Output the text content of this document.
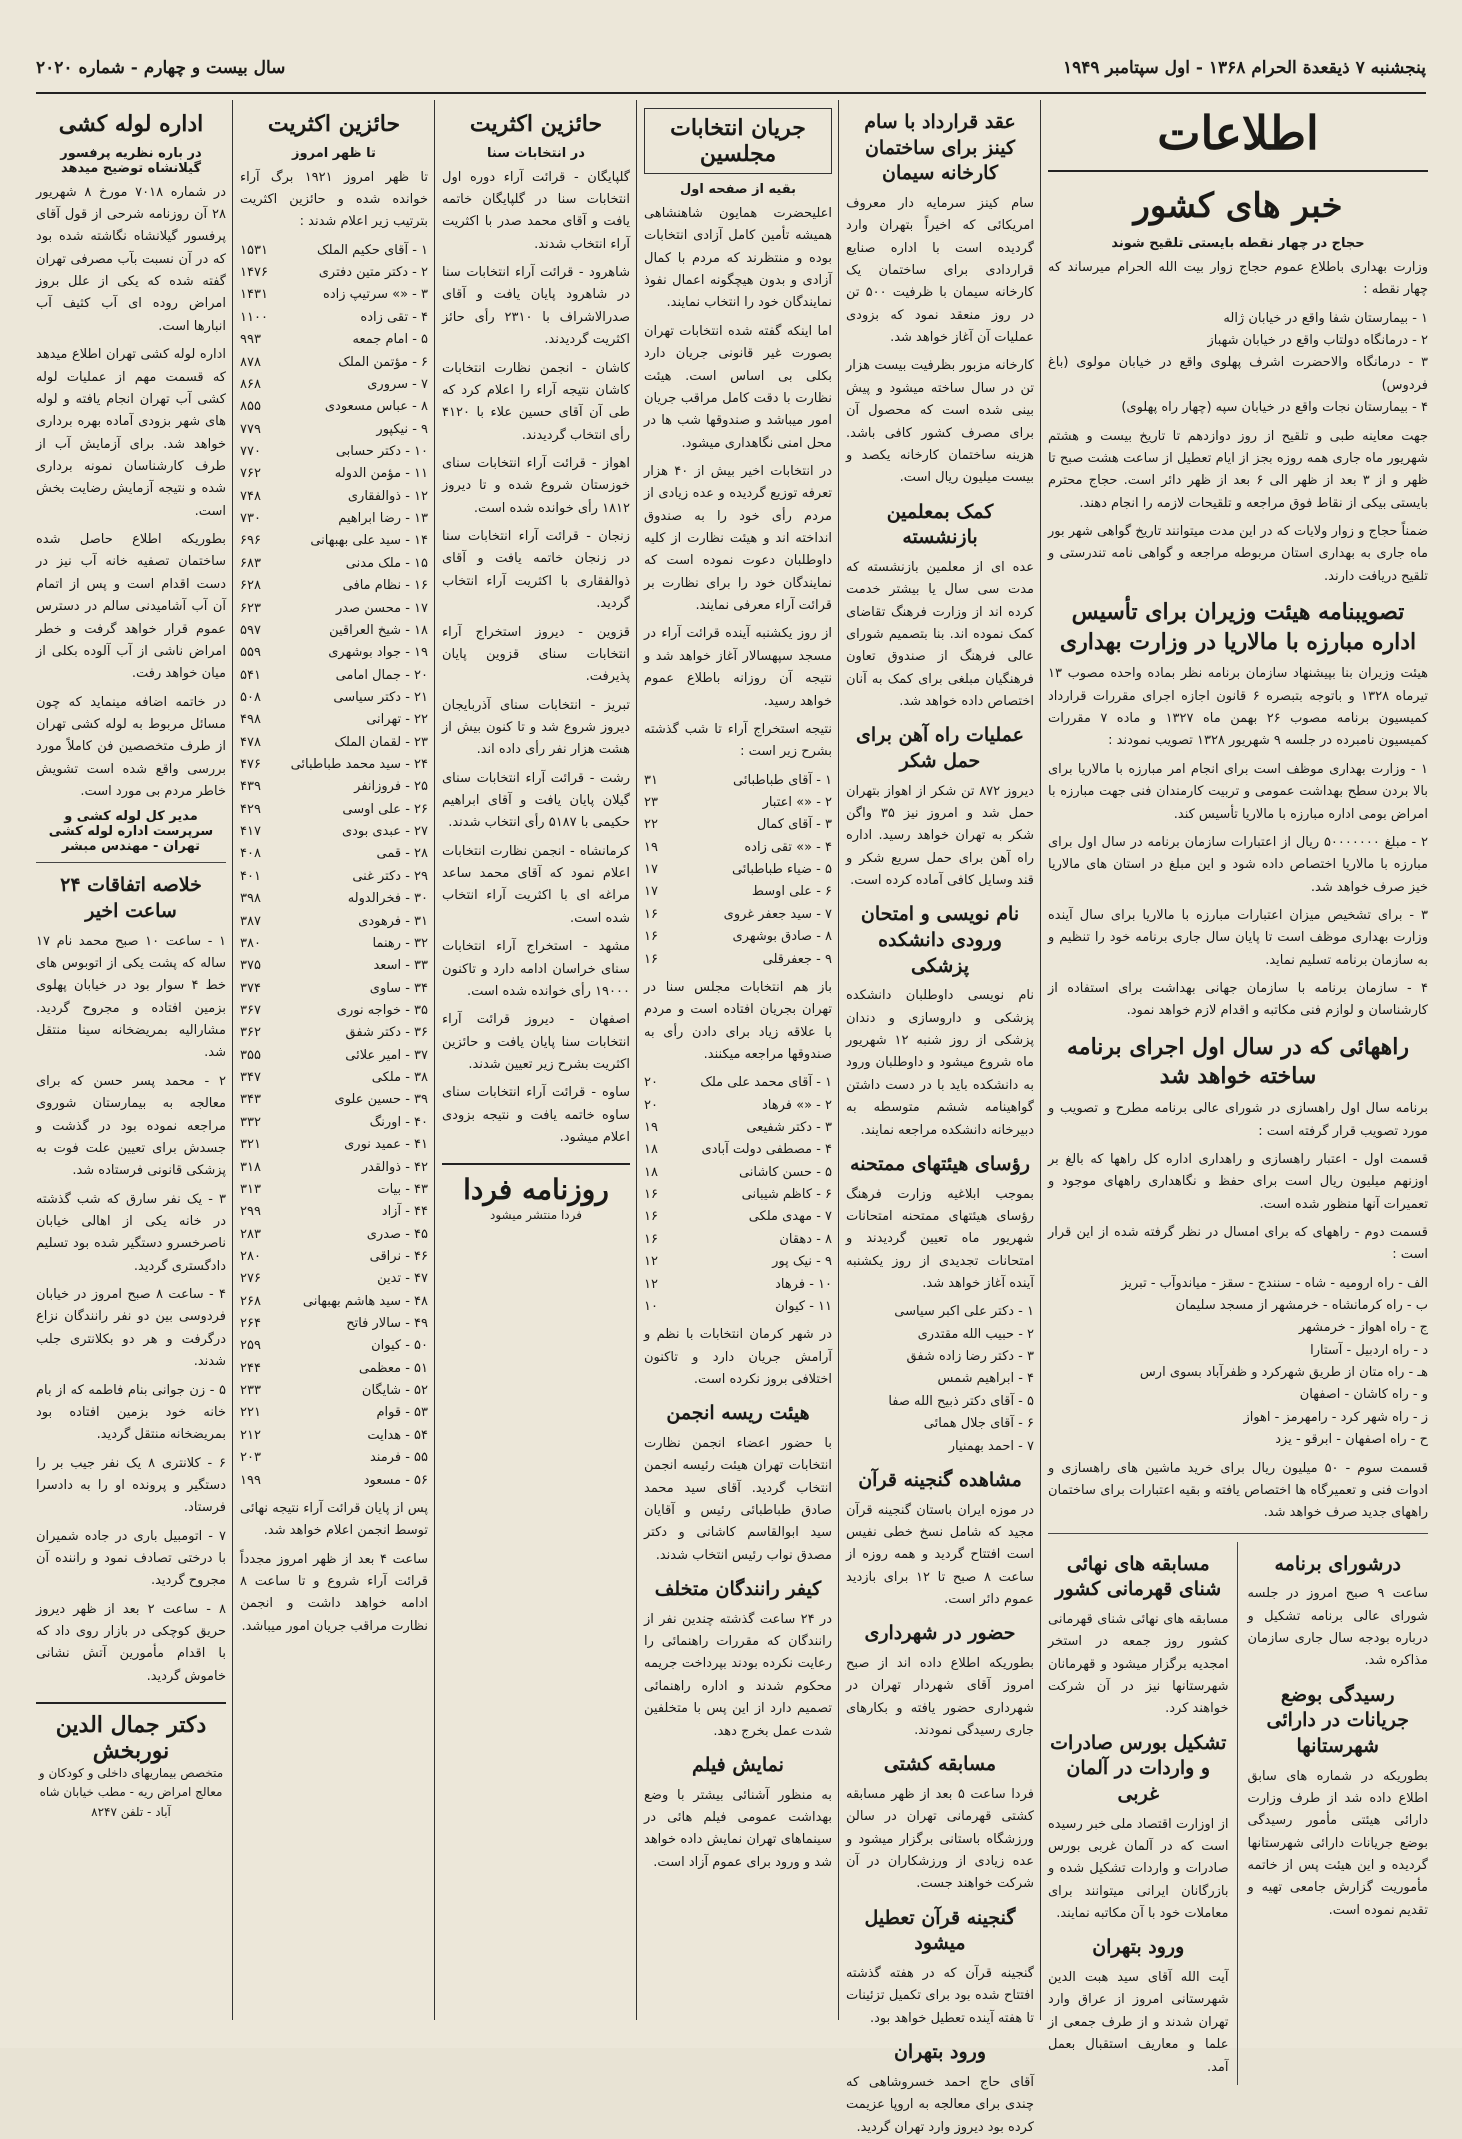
پنجشنبه ۷ ذیقعدة الحرام ۱۳۶۸ - اول سپتامبر ۱۹۴۹
سال بیست و چهارم - شماره ۲۰۲۰
اطلاعات
خبر های کشور
حجاج در چهار نقطه بایستی تلقیح شوند

وزارت بهداری باطلاع عموم حجاج زوار بیت الله الحرام میرساند که چهار نقطه :

۱ - بیمارستان شفا واقع در خیابان ژاله
۲ - درمانگاه دولتاب واقع در خیابان شهباز
۳ - درمانگاه والاحضرت اشرف پهلوی واقع در خیابان مولوی (باغ فردوس)
۴ - بیمارستان نجات واقع در خیابان سپه (چهار راه پهلوی)

جهت معاینه طبی و تلقیح از روز دوازدهم تا تاریخ بیست و هشتم شهریور ماه جاری همه روزه بجز از ایام تعطیل از ساعت هشت صبح تا ظهر و از ۳ بعد از ظهر الی ۶ بعد از ظهر دائر است. حجاج محترم بایستی بیکی از نقاط فوق مراجعه و تلقیحات لازمه را انجام دهند.

ضمناً حجاج و زوار ولایات که در این مدت میتوانند تاریخ گواهی شهر بور ماه جاری به بهداری استان مربوطه مراجعه و گواهی نامه تندرستی و تلقیح دریافت دارند.

تصویبنامه هیئت وزیران برای تأسیس اداره مبارزه با مالاریا در وزارت بهداری

هیئت وزیران بنا بپیشنهاد سازمان برنامه نظر بماده واحده مصوب ۱۳ تیرماه ۱۳۲۸ و باتوجه بتبصره ۶ قانون اجازه اجرای مقررات قرارداد کمیسیون برنامه مصوب ۲۶ بهمن ماه ۱۳۲۷ و ماده ۷ مقررات کمیسیون نامبرده در جلسه ۹ شهریور ۱۳۲۸ تصویب نمودند :

۱ - وزارت بهداری موظف است برای انجام امر مبارزه با مالاریا برای بالا بردن سطح بهداشت عمومی و تربیت کارمندان فنی جهت مبارزه با امراض بومی اداره مبارزه با مالاریا تأسیس کند.

۲ - مبلغ ۵۰۰۰۰۰۰۰ ریال از اعتبارات سازمان برنامه در سال اول برای مبارزه با مالاریا اختصاص داده شود و این مبلغ در استان های مالاریا خیز صرف خواهد شد.

۳ - برای تشخیص میزان اعتبارات مبارزه با مالاریا برای سال آینده وزارت بهداری موظف است تا پایان سال جاری برنامه خود را تنظیم و به سازمان برنامه تسلیم نماید.

۴ - سازمان برنامه با سازمان جهانی بهداشت برای استفاده از کارشناسان و لوازم فنی مکاتبه و اقدام لازم خواهد نمود.

راههائی که در سال اول اجرای برنامه ساخته خواهد شد

برنامه سال اول راهسازی در شورای عالی برنامه مطرح و تصویب و مورد تصویب قرار گرفته است :

قسمت اول - اعتبار راهسازی و راهداری اداره کل راهها که بالغ بر اوزنهم میلیون ریال است برای حفظ و نگاهداری راههای موجود و تعمیرات آنها منظور شده است.

قسمت دوم - راههای که برای امسال در نظر گرفته شده از این قرار است :

الف - راه ارومیه - شاه - سنندج - سقز - میاندوآب - تبریز
ب - راه کرمانشاه - خرمشهر از مسجد سلیمان
ج - راه اهواز - خرمشهر
د - راه اردبیل - آستارا
هـ - راه متان از طریق شهرکرد و ظفرآباد بسوی ارس
و - راه کاشان - اصفهان
ز - راه شهر کرد - رامهرمز - اهواز
ح - راه اصفهان - ابرقو - یزد

قسمت سوم - ۵۰ میلیون ریال برای خرید ماشین های راهسازی و ادوات فنی و تعمیرگاه ها اختصاص یافته و بقیه اعتبارات برای ساختمان راههای جدید صرف خواهد شد.

درشورای برنامه

ساعت ۹ صبح امروز در جلسه شورای عالی برنامه تشکیل و درباره بودجه سال جاری سازمان مذاکره شد.

رسیدگی بوضع جریانات در دارائی شهرستانها

بطوریکه در شماره های سابق اطلاع داده شد از طرف وزارت دارائی هیئتی مأمور رسیدگی بوضع جریانات دارائی شهرستانها گردیده و این هیئت پس از خاتمه مأموریت گزارش جامعی تهیه و تقدیم نموده است.

مسابقه های نهائی شنای قهرمانی کشور

مسابقه های نهائی شنای قهرمانی کشور روز جمعه در استخر امجدیه برگزار میشود و قهرمانان شهرستانها نیز در آن شرکت خواهند کرد.

تشکیل بورس صادرات و واردات در آلمان غربی

از اوزارت اقتصاد ملی خبر رسیده است که در آلمان غربی بورس صادرات و واردات تشکیل شده و بازرگانان ایرانی میتوانند برای معاملات خود با آن مکاتبه نمایند.

ورود بتهران

آیت الله آقای سید هبت الدین شهرستانی امروز از عراق وارد تهران شدند و از طرف جمعی از علما و معاریف استقبال بعمل آمد.

عقد قرارداد با سام کینز برای ساختمان کارخانه سیمان

سام کینز سرمایه دار معروف امریکائی که اخیراً بتهران وارد گردیده است با اداره صنایع قراردادی برای ساختمان یک کارخانه سیمان با ظرفیت ۵۰۰ تن در روز منعقد نمود که بزودی عملیات آن آغاز خواهد شد.

کارخانه مزبور بظرفیت بیست هزار تن در سال ساخته میشود و پیش بینی شده است که محصول آن برای مصرف کشور کافی باشد. هزینه ساختمان کارخانه یکصد و بیست میلیون ریال است.

کمک بمعلمین بازنشسته

عده ای از معلمین بازنشسته که مدت سی سال یا بیشتر خدمت کرده اند از وزارت فرهنگ تقاضای کمک نموده اند. بنا بتصمیم شورای عالی فرهنگ از صندوق تعاون فرهنگیان مبلغی برای کمک به آنان اختصاص داده خواهد شد.

عملیات راه آهن برای حمل شکر

دیروز ۸۷۲ تن شکر از اهواز بتهران حمل شد و امروز نیز ۳۵ واگن شکر به تهران خواهد رسید. اداره راه آهن برای حمل سریع شکر و قند وسایل کافی آماده کرده است.

نام نویسی و امتحان ورودی دانشکده پزشکی

نام نویسی داوطلبان دانشکده پزشکی و داروسازی و دندان پزشکی از روز شنبه ۱۲ شهریور ماه شروع میشود و داوطلبان ورود به دانشکده باید با در دست داشتن گواهینامه ششم متوسطه به دبیرخانه دانشکده مراجعه نمایند.

رؤسای هیئتهای ممتحنه

بموجب ابلاغیه وزارت فرهنگ رؤسای هیئتهای ممتحنه امتحانات شهریور ماه تعیین گردیدند و امتحانات تجدیدی از روز یکشنبه آینده آغاز خواهد شد.

۱ - دکتر علی اکبر سیاسی
۲ - حبیب الله مقتدری
۳ - دکتر رضا زاده شفق
۴ - ابراهیم شمس
۵ - آقای دکتر ذبیح الله صفا
۶ - آقای جلال همائی
۷ - احمد بهمنیار
مشاهده گنجینه قرآن

در موزه ایران باستان گنجینه قرآن مجید که شامل نسخ خطی نفیس است افتتاح گردید و همه روزه از ساعت ۸ صبح تا ۱۲ برای بازدید عموم دائر است.

حضور در شهرداری

بطوریکه اطلاع داده اند از صبح امروز آقای شهردار تهران در شهرداری حضور یافته و بکارهای جاری رسیدگی نمودند.

مسابقه کشتی

فردا ساعت ۵ بعد از ظهر مسابقه کشتی قهرمانی تهران در سالن ورزشگاه باستانی برگزار میشود و عده زیادی از ورزشکاران در آن شرکت خواهند جست.

گنجینه قرآن تعطیل میشود

گنجینه قرآن که در هفته گذشته افتتاح شده بود برای تکمیل تزئینات تا هفته آینده تعطیل خواهد بود.

ورود بتهران

آقای حاج احمد خسروشاهی که چندی برای معالجه به اروپا عزیمت کرده بود دیروز وارد تهران گردید.

جریان انتخابات مجلسین
بقیه از صفحه اول

اعلیحضرت همایون شاهنشاهی همیشه تأمین کامل آزادی انتخابات بوده و منتظرند که مردم با کمال آزادی و بدون هیچگونه اعمال نفوذ نمایندگان خود را انتخاب نمایند.

اما اینکه گفته شده انتخابات تهران بصورت غیر قانونی جریان دارد بکلی بی اساس است. هیئت نظارت با دقت کامل مراقب جریان امور میباشد و صندوقها شب ها در محل امنی نگاهداری میشود.

در انتخابات اخیر بیش از ۴۰ هزار تعرفه توزیع گردیده و عده زیادی از مردم رأی خود را به صندوق انداخته اند و هیئت نظارت از کلیه داوطلبان دعوت نموده است که نمایندگان خود را برای نظارت بر قرائت آراء معرفی نمایند.

از روز یکشنبه آینده قرائت آراء در مسجد سپهسالار آغاز خواهد شد و نتیجه آن روزانه باطلاع عموم خواهد رسید.

نتیجه استخراج آراء تا شب گذشته بشرح زیر است :

۱ - آقای طباطبائی
۳۱
۲ - «» اعتبار
۲۳
۳ - آقای کمال
۲۲
۴ - «» تقی زاده
۱۹
۵ - ضیاء طباطبائی
۱۷
۶ - علی اوسط
۱۷
۷ - سید جعفر غروی
۱۶
۸ - صادق بوشهری
۱۶
۹ - جعفرقلی
۱۶

باز هم انتخابات مجلس سنا در تهران بجریان افتاده است و مردم با علاقه زیاد برای دادن رأی به صندوقها مراجعه میکنند.

۱ - آقای محمد علی ملک
۲۰
۲ - «» فرهاد
۲۰
۳ - دکتر شفیعی
۱۹
۴ - مصطفی دولت آبادی
۱۸
۵ - حسن کاشانی
۱۸
۶ - کاظم شیبانی
۱۶
۷ - مهدی ملکی
۱۶
۸ - دهقان
۱۶
۹ - نیک پور
۱۲
۱۰ - فرهاد
۱۲
۱۱ - کیوان
۱۰

در شهر کرمان انتخابات با نظم و آرامش جریان دارد و تاکنون اختلافی بروز نکرده است.

هیئت ریسه انجمن

با حضور اعضاء انجمن نظارت انتخابات تهران هیئت رئیسه انجمن انتخاب گردید. آقای سید محمد صادق طباطبائی رئیس و آقایان سید ابوالقاسم کاشانی و دکتر مصدق نواب رئیس انتخاب شدند.

کیفر رانندگان متخلف

در ۲۴ ساعت گذشته چندین نفر از رانندگان که مقررات راهنمائی را رعایت نکرده بودند بپرداخت جریمه محکوم شدند و اداره راهنمائی تصمیم دارد از این پس با متخلفین شدت عمل بخرج دهد.

نمایش فیلم

به منظور آشنائی بیشتر با وضع بهداشت عمومی فیلم هائی در سینماهای تهران نمایش داده خواهد شد و ورود برای عموم آزاد است.

حائزین اکثریت
در انتخابات سنا

گلپایگان - قرائت آراء دوره اول انتخابات سنا در گلپایگان خاتمه یافت و آقای محمد صدر با اکثریت آراء انتخاب شدند.

شاهرود - قرائت آراء انتخابات سنا در شاهرود پایان یافت و آقای صدرالاشراف با ۲۳۱۰ رأی حائز اکثریت گردیدند.

کاشان - انجمن نظارت انتخابات کاشان نتیجه آراء را اعلام کرد که طی آن آقای حسین علاء با ۴۱۲۰ رأی انتخاب گردیدند.

اهواز - قرائت آراء انتخابات سنای خوزستان شروع شده و تا دیروز ۱۸۱۲ رأی خوانده شده است.

زنجان - قرائت آراء انتخابات سنا در زنجان خاتمه یافت و آقای ذوالفقاری با اکثریت آراء انتخاب گردید.

قزوین - دیروز استخراج آراء انتخابات سنای قزوین پایان پذیرفت.

تبریز - انتخابات سنای آذربایجان دیروز شروع شد و تا کنون بیش از هشت هزار نفر رأی داده اند.

رشت - قرائت آراء انتخابات سنای گیلان پایان یافت و آقای ابراهیم حکیمی با ۵۱۸۷ رأی انتخاب شدند.

کرمانشاه - انجمن نظارت انتخابات اعلام نمود که آقای محمد ساعد مراغه ای با اکثریت آراء انتخاب شده است.

مشهد - استخراج آراء انتخابات سنای خراسان ادامه دارد و تاکنون ۱۹۰۰۰ رأی خوانده شده است.

اصفهان - دیروز قرائت آراء انتخابات سنا پایان یافت و حائزین اکثریت بشرح زیر تعیین شدند.

ساوه - قرائت آراء انتخابات سنای ساوه خاتمه یافت و نتیجه بزودی اعلام میشود.

روزنامه فردا
فردا منتشر میشود
حائزین اکثریت
تا ظهر امروز

تا ظهر امروز ۱۹۲۱ برگ آراء خوانده شده و حائزین اکثریت بترتیب زیر اعلام شدند :

۱ - آقای حکیم الملک
۱۵۳۱
۲ - دکتر متین دفتری
۱۴۷۶
۳ - «» سرتیپ زاده
۱۴۳۱
۴ - تقی زاده
۱۱۰۰
۵ - امام جمعه
۹۹۳
۶ - مؤتمن الملک
۸۷۸
۷ - سروری
۸۶۸
۸ - عباس مسعودی
۸۵۵
۹ - نیکپور
۷۷۹
۱۰ - دکتر حسابی
۷۷۰
۱۱ - مؤمن الدوله
۷۶۲
۱۲ - ذوالفقاری
۷۴۸
۱۳ - رضا ابراهیم
۷۳۰
۱۴ - سید علی بهبهانی
۶۹۶
۱۵ - ملک مدنی
۶۸۳
۱۶ - نظام مافی
۶۲۸
۱۷ - محسن صدر
۶۲۳
۱۸ - شیخ العراقین
۵۹۷
۱۹ - جواد بوشهری
۵۵۹
۲۰ - جمال امامی
۵۴۱
۲۱ - دکتر سیاسی
۵۰۸
۲۲ - تهرانی
۴۹۸
۲۳ - لقمان الملک
۴۷۸
۲۴ - سید محمد طباطبائی
۴۷۶
۲۵ - فروزانفر
۴۳۹
۲۶ - علی اوسی
۴۲۹
۲۷ - عبدی بودی
۴۱۷
۲۸ - قمی
۴۰۸
۲۹ - دکتر غنی
۴۰۱
۳۰ - فخرالدوله
۳۹۸
۳۱ - فرهودی
۳۸۷
۳۲ - رهنما
۳۸۰
۳۳ - اسعد
۳۷۵
۳۴ - ساوی
۳۷۴
۳۵ - خواجه نوری
۳۶۷
۳۶ - دکتر شفق
۳۶۲
۳۷ - امیر علائی
۳۵۵
۳۸ - ملکی
۳۴۷
۳۹ - حسین علوی
۳۴۳
۴۰ - اورنگ
۳۳۲
۴۱ - عمید نوری
۳۲۱
۴۲ - ذوالقدر
۳۱۸
۴۳ - بیات
۳۱۳
۴۴ - آزاد
۲۹۹
۴۵ - صدری
۲۸۳
۴۶ - نراقی
۲۸۰
۴۷ - تدین
۲۷۶
۴۸ - سید هاشم بهبهانی
۲۶۸
۴۹ - سالار فاتح
۲۶۴
۵۰ - کیوان
۲۵۹
۵۱ - معظمی
۲۴۴
۵۲ - شایگان
۲۳۳
۵۳ - قوام
۲۲۱
۵۴ - هدایت
۲۱۲
۵۵ - فرمند
۲۰۳
۵۶ - مسعود
۱۹۹

پس از پایان قرائت آراء نتیجه نهائی توسط انجمن اعلام خواهد شد.

ساعت ۴ بعد از ظهر امروز مجدداً قرائت آراء شروع و تا ساعت ۸ ادامه خواهد داشت و انجمن نظارت مراقب جریان امور میباشد.

اداره لوله کشی
در باره نظریه پرفسور گیلانشاه توضیح میدهد

در شماره ۷۰۱۸ مورخ ۸ شهریور ۲۸ آن روزنامه شرحی از قول آقای پرفسور گیلانشاه نگاشته شده بود که در آن نسبت بآب مصرفی تهران گفته شده که یکی از علل بروز امراض روده ای آب کثیف آب انبارها است.

اداره لوله کشی تهران اطلاع میدهد که قسمت مهم از عملیات لوله کشی آب تهران انجام یافته و لوله های شهر بزودی آماده بهره برداری خواهد شد. برای آزمایش آب از طرف کارشناسان نمونه برداری شده و نتیجه آزمایش رضایت بخش است.

بطوریکه اطلاع حاصل شده ساختمان تصفیه خانه آب نیز در دست اقدام است و پس از اتمام آن آب آشامیدنی سالم در دسترس عموم قرار خواهد گرفت و خطر امراض ناشی از آب آلوده بکلی از میان خواهد رفت.

در خاتمه اضافه مینماید که چون مسائل مربوط به لوله کشی تهران از طرف متخصصین فن کاملاً مورد بررسی واقع شده است تشویش خاطر مردم بی مورد است.

مدیر کل لوله کشی و سرپرست اداره لوله کشی تهران - مهندس مبشر
خلاصه اتفاقات ۲۴ ساعت اخیر

۱ - ساعت ۱۰ صبح محمد نام ۱۷ ساله که پشت یکی از اتوبوس های خط ۴ سوار بود در خیابان پهلوی بزمین افتاده و مجروح گردید. مشارالیه بمریضخانه سینا منتقل شد.

۲ - محمد پسر حسن که برای معالجه به بیمارستان شوروی مراجعه نموده بود در گذشت و جسدش برای تعیین علت فوت به پزشکی قانونی فرستاده شد.

۳ - یک نفر سارق که شب گذشته در خانه یکی از اهالی خیابان ناصرخسرو دستگیر شده بود تسلیم دادگستری گردید.

۴ - ساعت ۸ صبح امروز در خیابان فردوسی بین دو نفر رانندگان نزاع درگرفت و هر دو بکلانتری جلب شدند.

۵ - زن جوانی بنام فاطمه که از بام خانه خود بزمین افتاده بود بمریضخانه منتقل گردید.

۶ - کلانتری ۸ یک نفر جیب بر را دستگیر و پرونده او را به دادسرا فرستاد.

۷ - اتومبیل باری در جاده شمیران با درختی تصادف نمود و راننده آن مجروح گردید.

۸ - ساعت ۲ بعد از ظهر دیروز حریق کوچکی در بازار روی داد که با اقدام مأمورین آتش نشانی خاموش گردید.

دکتر جمال الدین نوربخش
متخصص بیماریهای داخلی و کودکان و معالج امراض ریه - مطب خیابان شاه آباد - تلفن ۸۲۴۷
